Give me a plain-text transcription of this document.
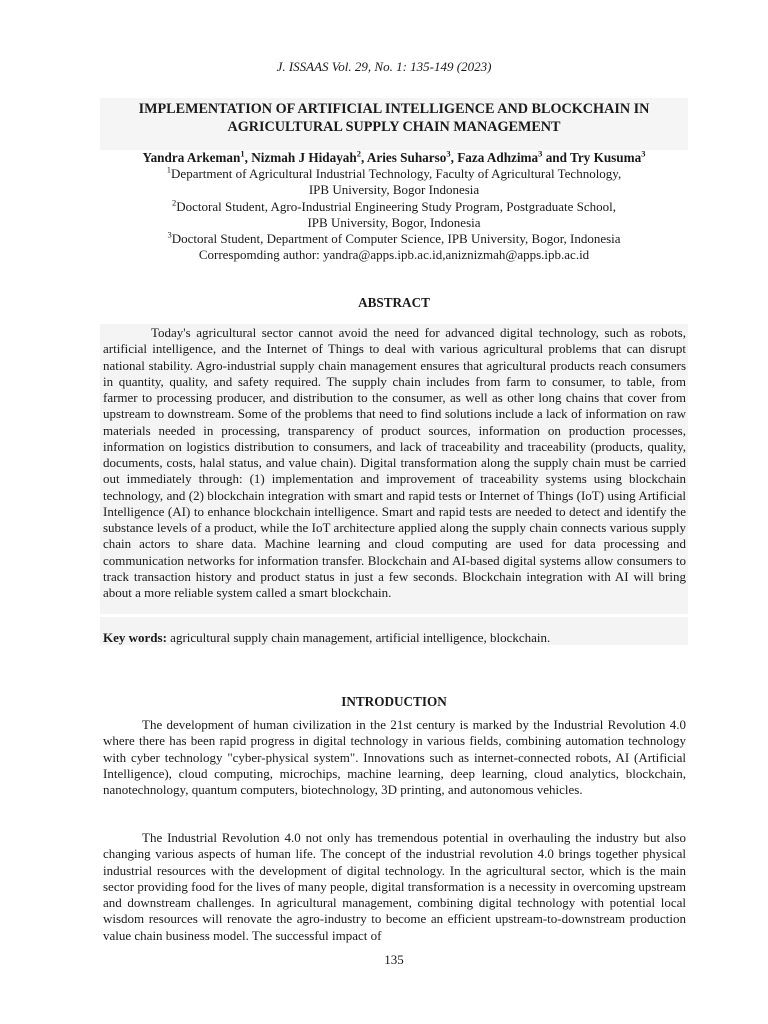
J. ISSAAS Vol. 29, No. 1: 135-149 (2023)
IMPLEMENTATION OF ARTIFICIAL INTELLIGENCE AND BLOCKCHAIN IN
AGRICULTURAL SUPPLY CHAIN MANAGEMENT
Yandra Arkeman$^1$, Nizmah J Hidayah$^2$, Aries Suharso$^3$, Faza Adhzima$^3$ and Try Kusuma$^3$
$^1$Department of Agricultural Industrial Technology, Faculty of Agricultural Technology,
IPB University, Bogor Indonesia
$^2$Doctoral Student, Agro-Industrial Engineering Study Program, Postgraduate School,
IPB University, Bogor, Indonesia
$^3$Doctoral Student, Department of Computer Science, IPB University, Bogor, Indonesia
Correspomding author: yandra@apps.ipb.ac.id,aniznizmah@apps.ipb.ac.id
ABSTRACT

Today's agricultural sector cannot avoid the need for advanced digital technology, such as robots, artificial intelligence, and the Internet of Things to deal with various agricultural problems that can disrupt national stability. Agro-industrial supply chain management ensures that agricultural products reach consumers in quantity, quality, and safety required. The supply chain includes from farm to consumer, to table, from farmer to processing producer, and distribution to the consumer, as well as other long chains that cover from upstream to downstream. Some of the problems that need to find solutions include a lack of information on raw materials needed in processing, transparency of product sources, information on production processes, information on logistics distribution to consumers, and lack of traceability and traceability (products, quality, documents, costs, halal status, and value chain). Digital transformation along the supply chain must be carried out immediately through: (1) implementation and improvement of traceability systems using blockchain technology, and (2) blockchain integration with smart and rapid tests or Internet of Things (IoT) using Artificial Intelligence (AI) to enhance blockchain intelligence. Smart and rapid tests are needed to detect and identify the substance levels of a product, while the IoT architecture applied along the supply chain connects various supply chain actors to share data. Machine learning and cloud computing are used for data processing and communication networks for information transfer. Blockchain and AI-based digital systems allow consumers to track transaction history and product status in just a few seconds. Blockchain integration with AI will bring about a more reliable system called a smart blockchain.

Key words: agricultural supply chain management, artificial intelligence, blockchain.
INTRODUCTION

The development of human civilization in the 21st century is marked by the Industrial Revolution 4.0 where there has been rapid progress in digital technology in various fields, combining automation technology with cyber technology "cyber-physical system". Innovations such as internet-connected robots, AI (Artificial Intelligence), cloud computing, microchips, machine learning, deep learning, cloud analytics, blockchain, nanotechnology, quantum computers, biotechnology, 3D printing, and autonomous vehicles.

The Industrial Revolution 4.0 not only has tremendous potential in overhauling the industry but also changing various aspects of human life. The concept of the industrial revolution 4.0 brings together physical industrial resources with the development of digital technology. In the agricultural sector, which is the main sector providing food for the lives of many people, digital transformation is a necessity in overcoming upstream and downstream challenges. In agricultural management, combining digital technology with potential local wisdom resources will renovate the agro-industry to become an efficient upstream-to-downstream production value chain business model. The successful impact of

135
